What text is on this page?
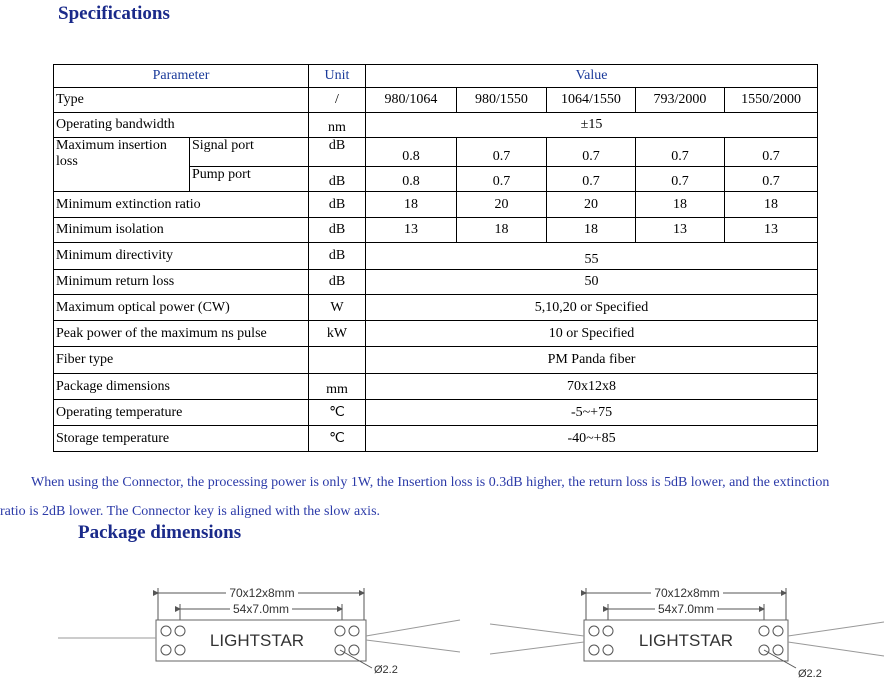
Specifications
Parameter		Unit	Value				
Type		/	980/1064	980/1550	1064/1550	793/2000	1550/2000
Operating bandwidth		nm	±15				
Maximum insertion loss	Signal port	dB	0.8	0.7	0.7	0.7	0.7
	Pump port	dB	0.8	0.7	0.7	0.7	0.7
Minimum extinction ratio		dB	18	20	20	18	18
Minimum isolation		dB	13	18	18	13	13
Minimum directivity		dB	55				
Minimum return loss		dB	50				
Maximum optical power (CW)		W	5,10,20 or Specified				
Peak power of the maximum ns pulse		kW	10 or Specified				
Fiber type			PM Panda fiber				
Package dimensions		mm	70x12x8				
Operating temperature		℃	-5~+75				
Storage temperature		℃	-40~+85				

When using the Connector, the processing power is only 1W, the Insertion loss is 0.3dB higher, the return loss is 5dB lower, and the extinction
ratio is 2dB lower. The Connector key is aligned with the slow axis.

Package dimensions
70x12x8mm
54x7.0mm
LIGHTSTAR
Ø2.2
70x12x8mm
54x7.0mm
LIGHTSTAR
Ø2.2
